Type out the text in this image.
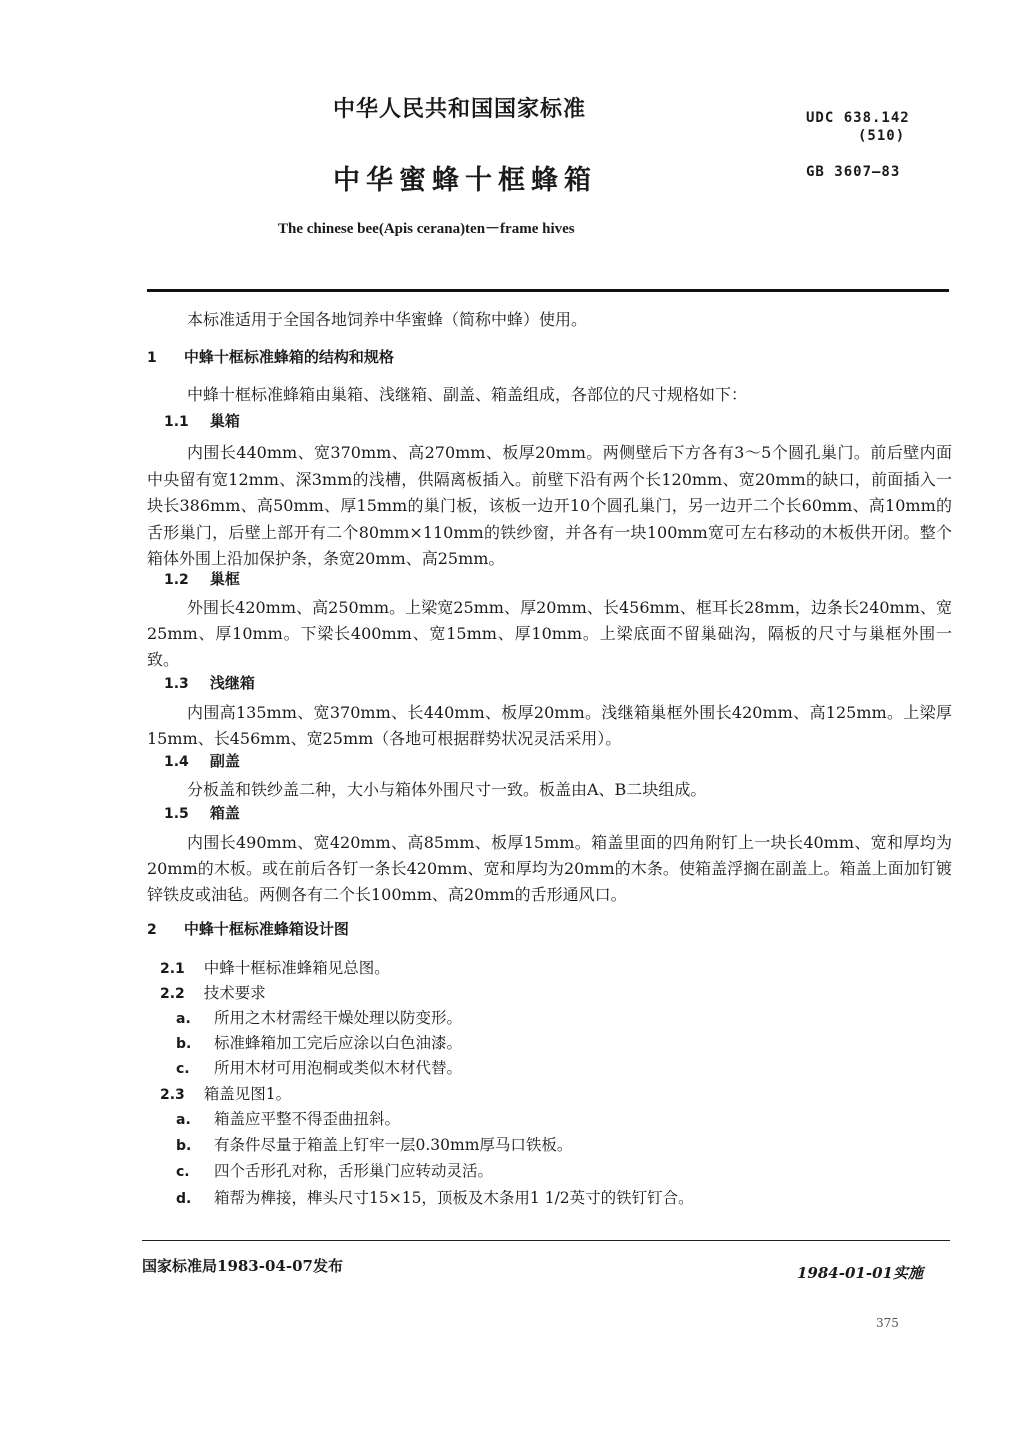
中华人民共和国国家标准	UDC 638.142
(510)
中华蜜蜂十框蜂箱	GB 3607—83
The chinese bee(Apis cerana)ten－frame hives
本标准适用于全国各地饲养中华蜜蜂（简称中蜂）使用。
1 中蜂十框标准蜂箱的结构和规格
中蜂十框标准蜂箱由巢箱、浅继箱、副盖、箱盖组成，各部位的尺寸规格如下：
1.1 巢箱
内围长440mm、宽370mm、高270mm、板厚20mm。两侧壁后下方各有3～5个圆孔巢门。前后壁内面中央留有宽12mm、深3mm的浅槽，供隔离板插入。前壁下沿有两个长120mm、宽20mm的缺口，前面插入一块长386mm、高50mm、厚15mm的巢门板，该板一边开10个圆孔巢门，另一边开二个长60mm、高10mm的舌形巢门，后壁上部开有二个80mm×110mm的铁纱窗，并各有一块100mm宽可左右移动的木板供开闭。整个箱体外围上沿加保护条，条宽20mm、高25mm。
1.2 巢框
外围长420mm、高250mm。上梁宽25mm、厚20mm、长456mm、框耳长28mm，边条长240mm、宽25mm、厚10mm。下梁长400mm、宽15mm、厚10mm。上梁底面不留巢础沟，隔板的尺寸与巢框外围一致。
1.3 浅继箱
内围高135mm、宽370mm、长440mm、板厚20mm。浅继箱巢框外围长420mm、高125mm。上梁厚15mm、长456mm、宽25mm（各地可根据群势状况灵活采用）。
1.4 副盖
分板盖和铁纱盖二种，大小与箱体外围尺寸一致。板盖由A、B二块组成。
1.5 箱盖
内围长490mm、宽420mm、高85mm、板厚15mm。箱盖里面的四角附钉上一块长40mm、宽和厚均为20mm的木板。或在前后各钉一条长420mm、宽和厚均为20mm的木条。使箱盖浮搁在副盖上。箱盖上面加钉镀锌铁皮或油毡。两侧各有二个长100mm、高20mm的舌形通风口。
2 中蜂十框标准蜂箱设计图
2.1 中蜂十框标准蜂箱见总图。
2.2 技术要求
a. 所用之木材需经干燥处理以防变形。
b. 标准蜂箱加工完后应涂以白色油漆。
c. 所用木材可用泡桐或类似木材代替。
2.3 箱盖见图1。
a. 箱盖应平整不得歪曲扭斜。
b. 有条件尽量于箱盖上钉牢一层0.30mm厚马口铁板。
c. 四个舌形孔对称，舌形巢门应转动灵活。
d. 箱帮为榫接，榫头尺寸15×15，顶板及木条用1 1/2英寸的铁钉钉合。
国家标准局1983-04-07发布	1984-01-01实施
375
